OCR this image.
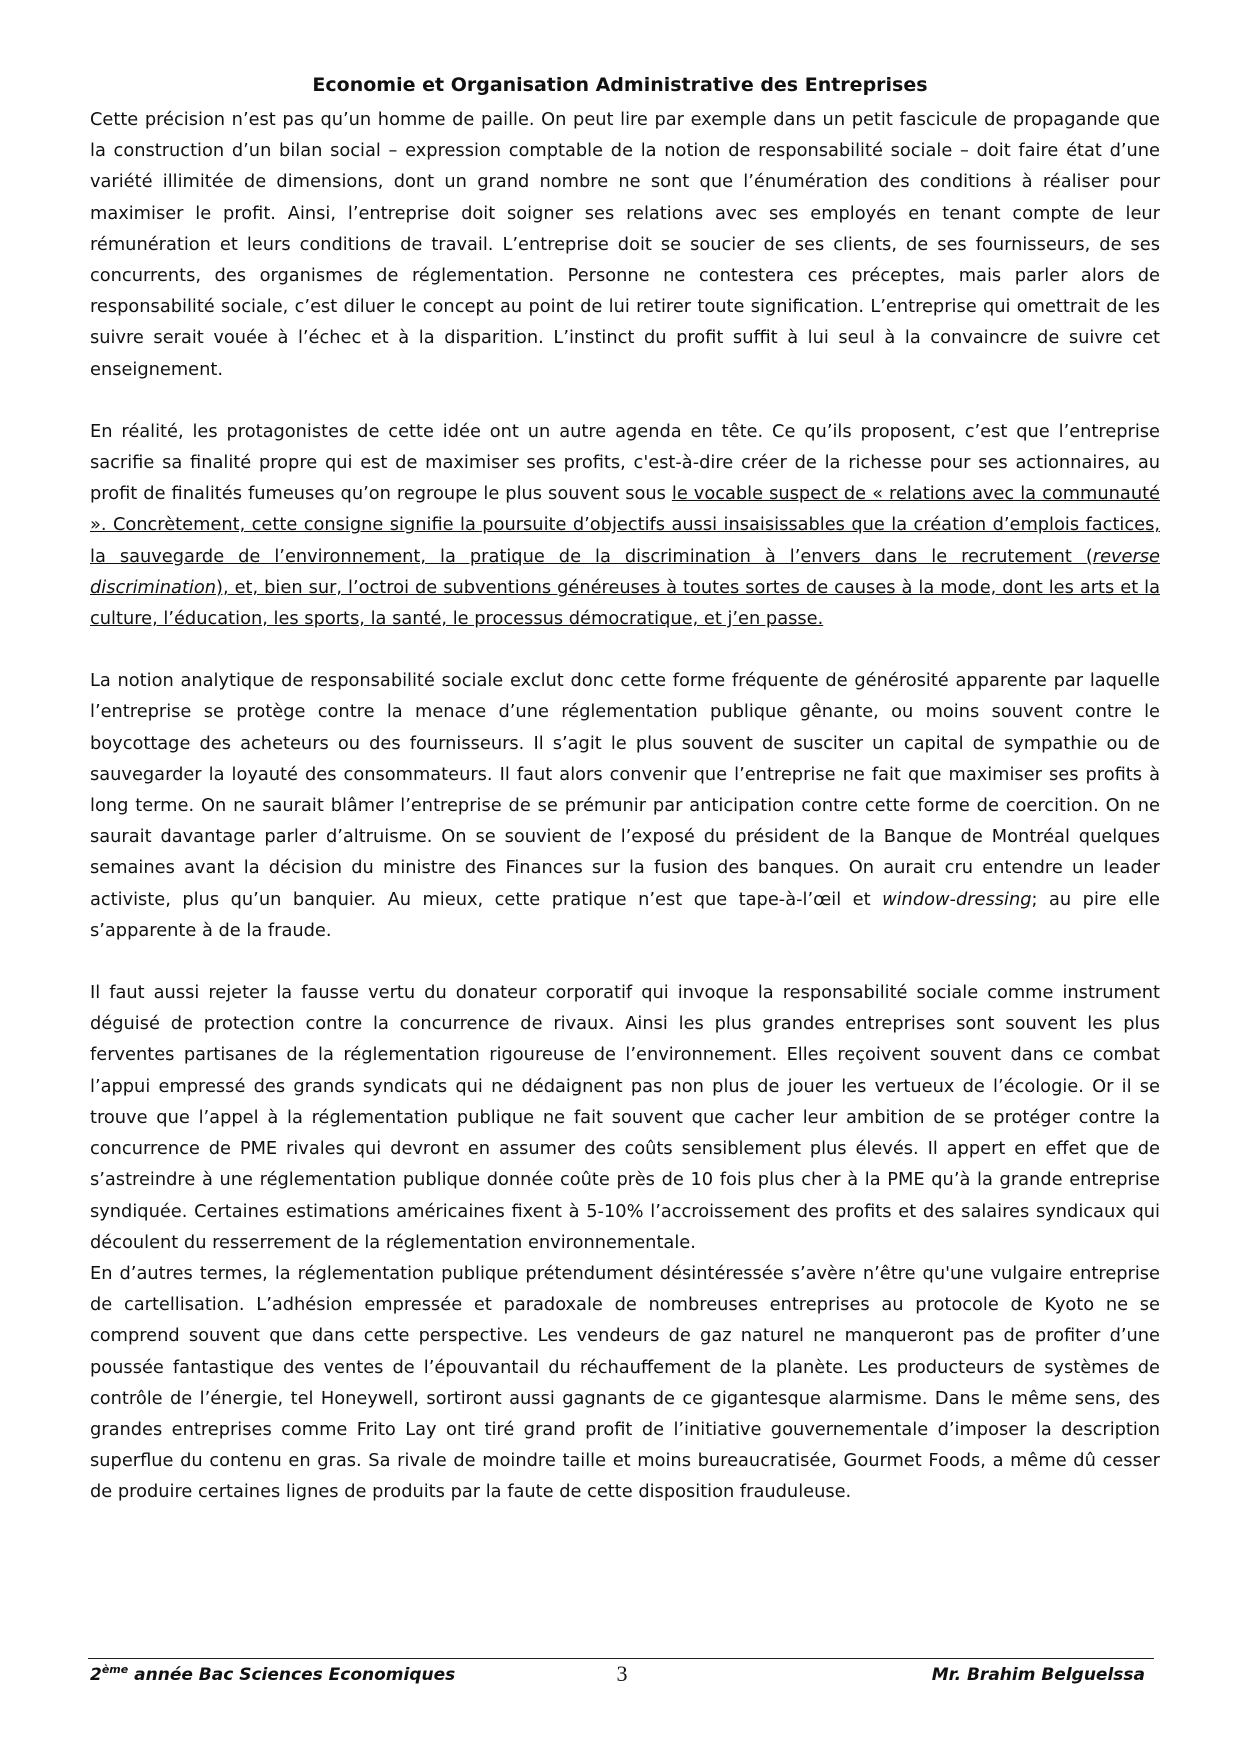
Economie et Organisation Administrative des Entreprises

Cette précision n’est pas qu’un homme de paille. On peut lire par exemple dans un petit fascicule de propagande que la construction d’un bilan social – expression comptable de la notion de responsabilité sociale – doit faire état d’une variété illimitée de dimensions, dont un grand nombre ne sont que l’énumération des conditions à réaliser pour maximiser le profit. Ainsi, l’entreprise doit soigner ses relations avec ses employés en tenant compte de leur rémunération et leurs conditions de travail. L’entreprise doit se soucier de ses clients, de ses fournisseurs, de ses concurrents, des organismes de réglementation. Personne ne contestera ces préceptes, mais parler alors de responsabilité sociale, c’est diluer le concept au point de lui retirer toute signification. L’entreprise qui omettrait de les suivre serait vouée à l’échec et à la disparition. L’instinct du profit suffit à lui seul à la convaincre de suivre cet enseignement.

En réalité, les protagonistes de cette idée ont un autre agenda en tête. Ce qu’ils proposent, c’est que l’entreprise sacrifie sa finalité propre qui est de maximiser ses profits, c'est-à-dire créer de la richesse pour ses actionnaires, au profit de finalités fumeuses qu’on regroupe le plus souvent sous le vocable suspect de « relations avec la communauté ». Concrètement, cette consigne signifie la poursuite d’objectifs aussi insaisissables que la création d’emplois factices, la sauvegarde de l’environnement, la pratique de la discrimination à l’envers dans le recrutement (reverse discrimination), et, bien sur, l’octroi de subventions généreuses à toutes sortes de causes à la mode, dont les arts et la culture, l’éducation, les sports, la santé, le processus démocratique, et j’en passe.

La notion analytique de responsabilité sociale exclut donc cette forme fréquente de générosité apparente par laquelle l’entreprise se protège contre la menace d’une réglementation publique gênante, ou moins souvent contre le boycottage des acheteurs ou des fournisseurs. Il s’agit le plus souvent de susciter un capital de sympathie ou de sauvegarder la loyauté des consommateurs. Il faut alors convenir que l’entreprise ne fait que maximiser ses profits à long terme. On ne saurait blâmer l’entreprise de se prémunir par anticipation contre cette forme de coercition. On ne saurait davantage parler d’altruisme. On se souvient de l’exposé du président de la Banque de Montréal quelques semaines avant la décision du ministre des Finances sur la fusion des banques. On aurait cru entendre un leader activiste, plus qu’un banquier. Au mieux, cette pratique n’est que tape-à-l’œil et window-dressing; au pire elle s’apparente à de la fraude.

Il faut aussi rejeter la fausse vertu du donateur corporatif qui invoque la responsabilité sociale comme instrument déguisé de protection contre la concurrence de rivaux. Ainsi les plus grandes entreprises sont souvent les plus ferventes partisanes de la réglementation rigoureuse de l’environnement. Elles reçoivent souvent dans ce combat l’appui empressé des grands syndicats qui ne dédaignent pas non plus de jouer les vertueux de l’écologie. Or il se trouve que l’appel à la réglementation publique ne fait souvent que cacher leur ambition de se protéger contre la concurrence de PME rivales qui devront en assumer des coûts sensiblement plus élevés. Il appert en effet que de s’astreindre à une réglementation publique donnée coûte près de 10 fois plus cher à la PME qu’à la grande entreprise syndiquée. Certaines estimations américaines fixent à 5-10% l’accroissement des profits et des salaires syndicaux qui découlent du resserrement de la réglementation environnementale.

En d’autres termes, la réglementation publique prétendument désintéressée s’avère n’être qu'une vulgaire entreprise de cartellisation. L’adhésion empressée et paradoxale de nombreuses entreprises au protocole de Kyoto ne se comprend souvent que dans cette perspective. Les vendeurs de gaz naturel ne manqueront pas de profiter d’une poussée fantastique des ventes de l’épouvantail du réchauffement de la planète. Les producteurs de systèmes de contrôle de l’énergie, tel Honeywell, sortiront aussi gagnants de ce gigantesque alarmisme. Dans le même sens, des grandes entreprises comme Frito Lay ont tiré grand profit de l’initiative gouvernementale d’imposer la description superflue du contenu en gras. Sa rivale de moindre taille et moins bureaucratisée, Gourmet Foods, a même dû cesser de produire certaines lignes de produits par la faute de cette disposition frauduleuse.

2ème année Bac Sciences Economiques	3	Mr. Brahim Belguelssa
